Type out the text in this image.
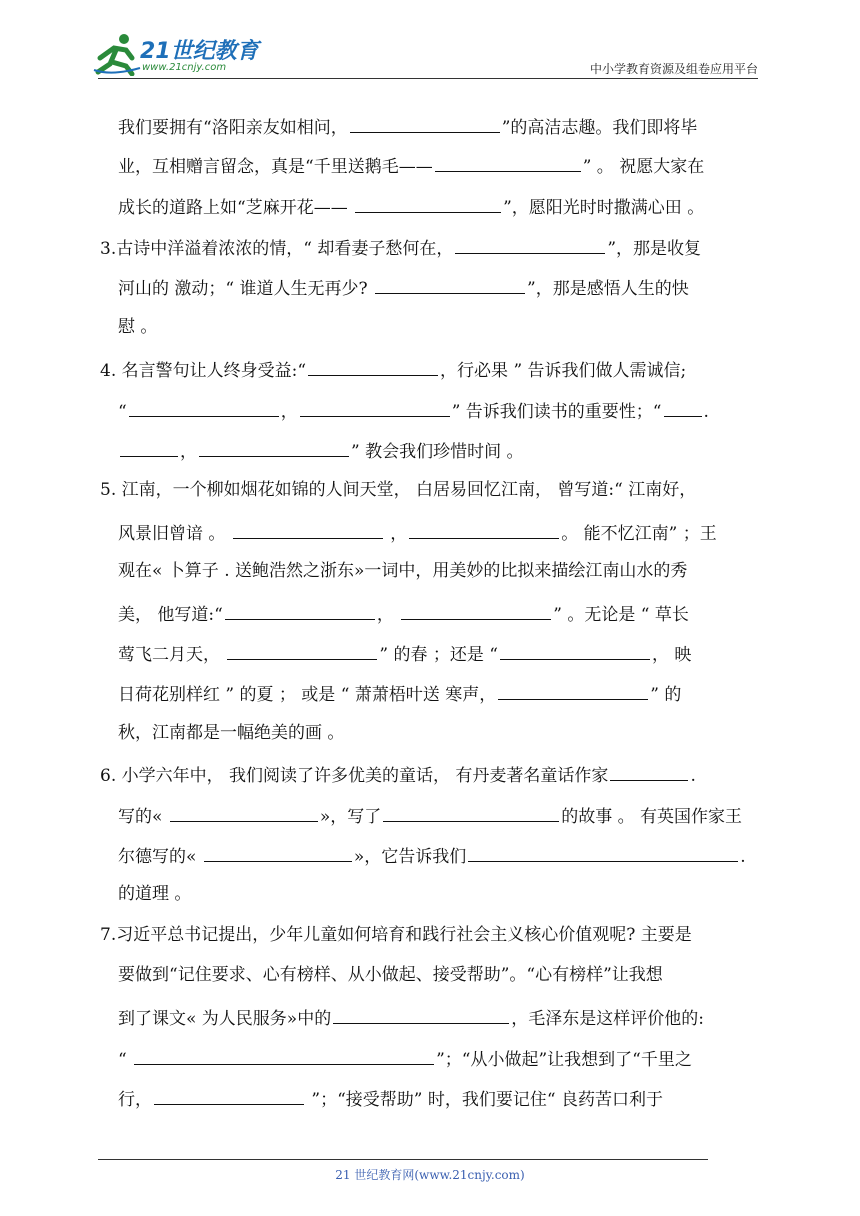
21世纪教育
www.21cnjy.com	中小学教育资源及组卷应用平台
我们要拥有“洛阳亲友如相问，	”的高洁志趣。我们即将毕
业，互相赠言留念，真是“千里送鹅毛——	” 。 祝愿大家在
成长的道路上如“芝麻开花——	”，愿阳光时时撒满心田 。
3.古诗中洋溢着浓浓的情，“ 却看妻子愁何在，	”，那是收复
河山的 激动；“ 谁道人生无再少?	”，那是感悟人生的快
慰 。
4. 名言警句让人终身受益:“	，行必果 ” 告诉我们做人需诚信;
“	，	” 告诉我们读书的重要性；“ .
，	” 教会我们珍惜时间 。
5. 江南，一个柳如烟花如锦的人间天堂， 白居易回忆江南， 曾写道:“ 江南好，
风景旧曾谙 。	，	。 能不忆江南” ；王
观在« 卜算子 . 送鲍浩然之浙东»一词中，用美妙的比拟来描绘江南山水的秀
美， 他写道:“	，	” 。无论是 “ 草长
莺飞二月天，	” 的春 ；还是 “	， 映
日荷花别样红 ” 的夏 ； 或是 “ 萧萧梧叶送 寒声，	” 的
秋，江南都是一幅绝美的画 。
6. 小学六年中， 我们阅读了许多优美的童话， 有丹麦著名童话作家	.
写的«	»，写了	的故事 。 有英国作家王
尔德写的«	»，它告诉我们	.
的道理 。
7.习近平总书记提出，少年儿童如何培育和践行社会主义核心价值观呢? 主要是
要做到“记住要求、心有榜样、从小做起、接受帮助”。“心有榜样”让我想
到了课文« 为人民服务»中的	，毛泽东是这样评价他的:
“	”；“从小做起”让我想到了“千里之
行，	”；“接受帮助” 时，我们要记住“ 良药苦口利于
21 世纪教育网(www.21cnjy.com)
